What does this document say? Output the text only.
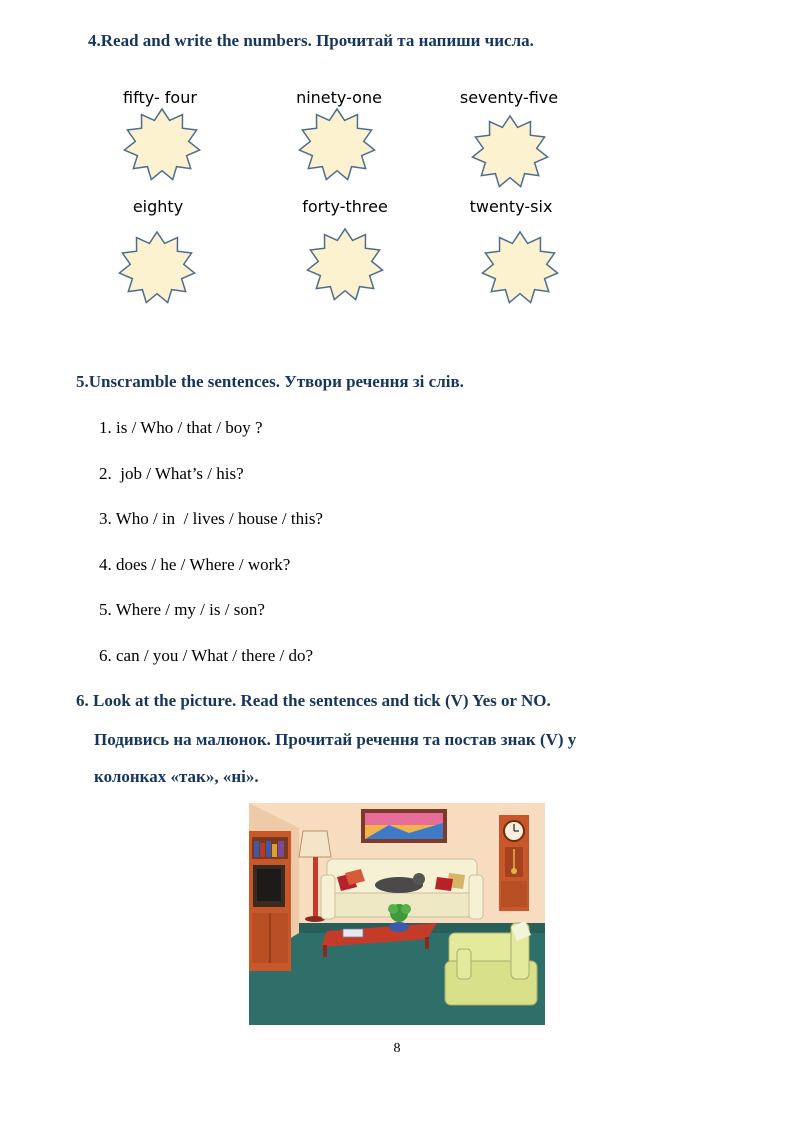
4.Read and write the numbers. Прочитай та напиши числа.
fifty- four	ninety-one	seventy-five
eighty	forty-three	twenty-six
5.Unscramble the sentences. Утвори речення зі слів.
1. is / Who / that / boy ?
2.  job / What’s / his?
3. Who / in  / lives / house / this?
4. does / he / Where / work?
5. Where / my / is / son?
6. can / you / What / there / do?
6. Look at the picture. Read the sentences and tick (V) Yes or NO.
Подивись на малюнок. Прочитай речення та постав знак (V) у
колонках «так», «ні».
8
